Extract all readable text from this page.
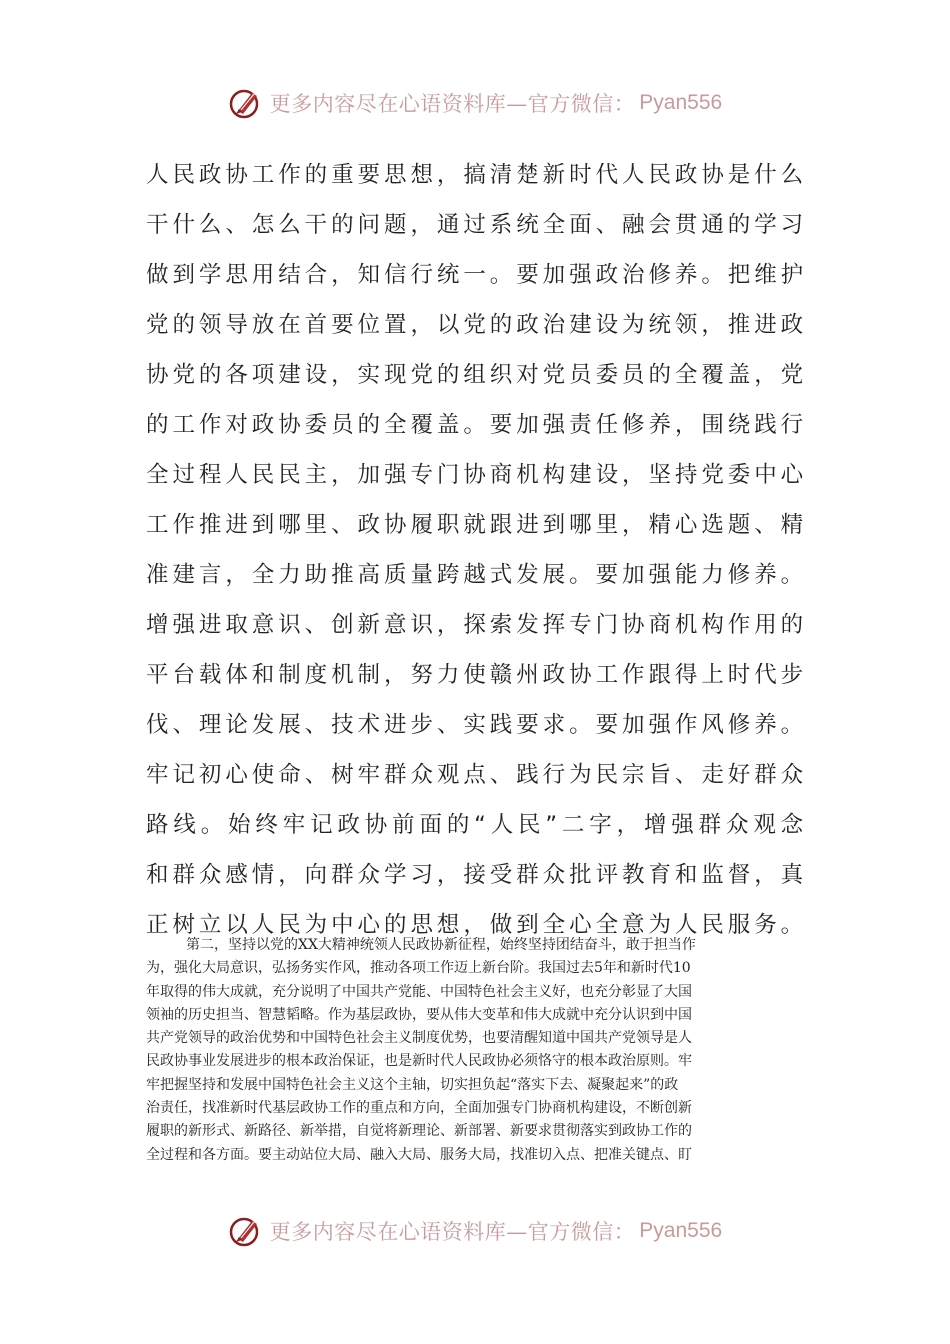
更多内容尽在心语资料库—官方微信： Pyan556
人民政协工作的重要思想，搞清楚新时代人民政协是什么
干什么、怎么干的问题，通过系统全面、融会贯通的学习
做到学思用结合，知信行统一。要加强政治修养。把维护
党的领导放在首要位置，以党的政治建设为统领，推进政
协党的各项建设，实现党的组织对党员委员的全覆盖，党
的工作对政协委员的全覆盖。要加强责任修养，围绕践行
全过程人民民主，加强专门协商机构建设，坚持党委中心
工作推进到哪里、政协履职就跟进到哪里，精心选题、精
准建言，全力助推高质量跨越式发展。要加强能力修养。
增强进取意识、创新意识，探索发挥专门协商机构作用的
平台载体和制度机制，努力使赣州政协工作跟得上时代步
伐、理论发展、技术进步、实践要求。要加强作风修养。
牢记初心使命、树牢群众观点、践行为民宗旨、走好群众
路线。始终牢记政协前面的“人民”二字，增强群众观念
和群众感情，向群众学习，接受群众批评教育和监督，真
正树立以人民为中心的思想，做到全心全意为人民服务。
第二，坚持以党的XX大精神统领人民政协新征程，始终坚持团结奋斗，敢于担当作
为，强化大局意识，弘扬务实作风，推动各项工作迈上新台阶。我国过去5年和新时代10
年取得的伟大成就，充分说明了中国共产党能、中国特色社会主义好，也充分彰显了大国
领袖的历史担当、智慧韬略。作为基层政协，要从伟大变革和伟大成就中充分认识到中国
共产党领导的政治优势和中国特色社会主义制度优势，也要清醒知道中国共产党领导是人
民政协事业发展进步的根本政治保证，也是新时代人民政协必须恪守的根本政治原则。牢
牢把握坚持和发展中国特色社会主义这个主轴，切实担负起“落实下去、凝聚起来”的政
治责任，找准新时代基层政协工作的重点和方向，全面加强专门协商机构建设，不断创新
履职的新形式、新路径、新举措，自觉将新理论、新部署、新要求贯彻落实到政协工作的
全过程和各方面。要主动站位大局、融入大局、服务大局，找准切入点、把准关键点、盯
更多内容尽在心语资料库—官方微信： Pyan556
